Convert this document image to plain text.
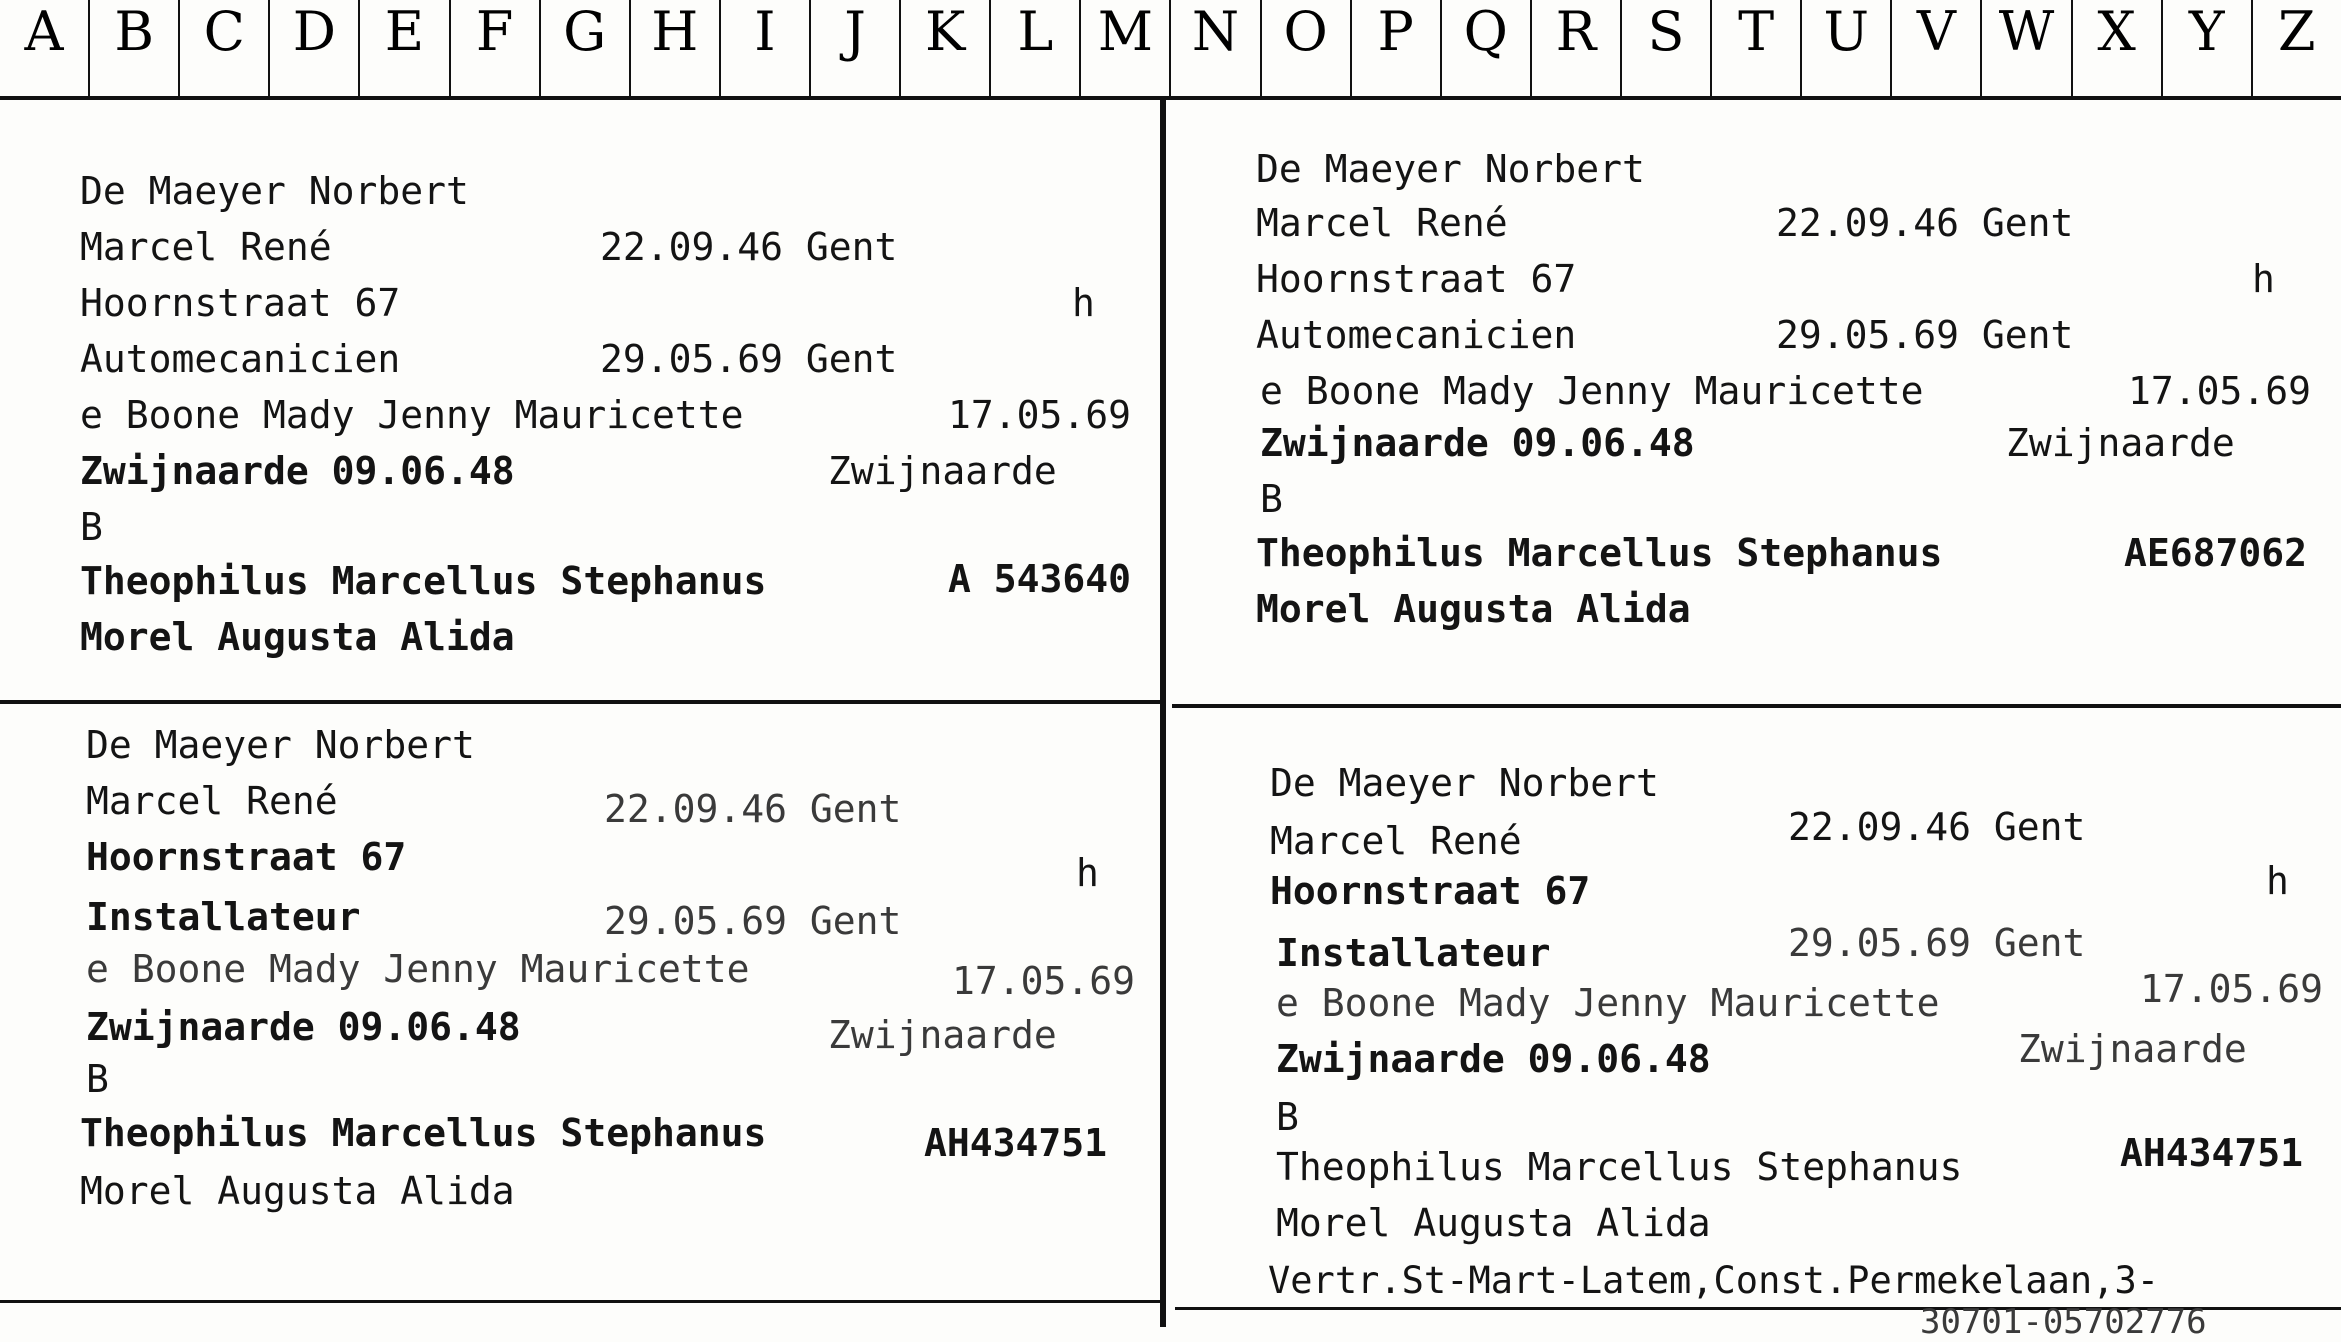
A B C D E F G H	I	J	K L M N O P Q R S T U V W X Y Z
De Maeyer Norbert
Marcel René	22.09.46 Gent
Hoornstraat 67	h
Automecanicien	29.05.69 Gent
e Boone Mady Jenny Mauricette	17.05.69
Zwijnaarde 09.06.48	Zwijnaarde
B
Theophilus Marcellus Stephanus	A 543640
Morel Augusta Alida
De Maeyer Norbert
Marcel René	22.09.46 Gent
Hoornstraat 67	h
Automecanicien	29.05.69 Gent
e Boone Mady Jenny Mauricette	17.05.69
Zwijnaarde 09.06.48	Zwijnaarde
B
Theophilus Marcellus Stephanus	AE687062
Morel Augusta Alida
De Maeyer Norbert
Marcel René	22.09.46 Gent
Hoornstraat 67	h
Installateur	29.05.69 Gent
e Boone Mady Jenny Mauricette	17.05.69
Zwijnaarde 09.06.48	Zwijnaarde
B
Theophilus Marcellus Stephanus	AH434751
Morel Augusta Alida
De Maeyer Norbert
Marcel René	22.09.46 Gent
Hoornstraat 67	h
Installateur	29.05.69 Gent
e Boone Mady Jenny Mauricette	17.05.69
Zwijnaarde 09.06.48	Zwijnaarde
B
Theophilus Marcellus Stephanus	AH434751
Morel Augusta Alida
Vertr.St-Mart-Latem,Const.Permekelaan,3-
30701-05702776
